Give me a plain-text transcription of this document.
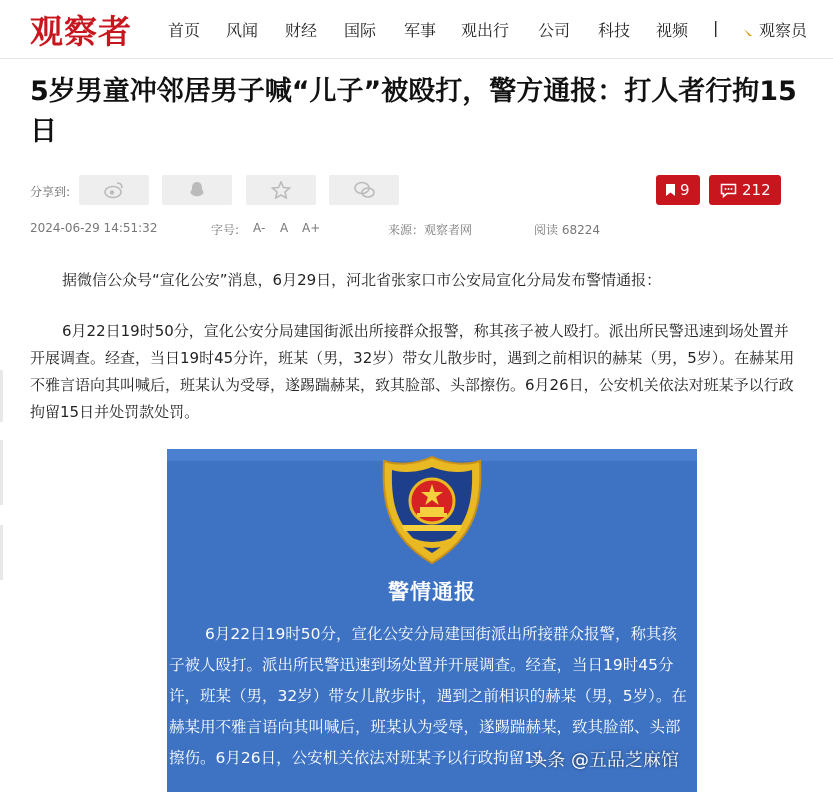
观察者 首页 风闻 财经 国际 军事 观出行 公司 科技 视频 |	观察员
5岁男童冲邻居男子喊“儿子”被殴打，警方通报：打人者行拘15日
分享到:	9	212
2024-06-29 14:51:32	字号: A- A A+	来源：观察者网	阅读 68224

据微信公众号“宣化公安”消息，6月29日，河北省张家口市公安局宣化分局发布警情通报：

6月22日19时50分，宣化公安分局建国街派出所接群众报警，称其孩子被人殴打。派出所民警迅速到场处置并开展调查。经查，当日19时45分许，班某（男，32岁）带女儿散步时，遇到之前相识的赫某（男，5岁）。在赫某用不雅言语向其叫喊后，班某认为受辱，遂踢踹赫某，致其脸部、头部擦伤。6月26日，公安机关依法对班某予以行政拘留15日并处罚款处罚。

警情通报
6月22日19时50分，宣化公安分局建国街派出所接群众报警，称其孩子被人殴打。派出所民警迅速到场处置并开展调查。经查，当日19时45分许，班某（男，32岁）带女儿散步时，遇到之前相识的赫某（男，5岁）。在赫某用不雅言语向其叫喊后，班某认为受辱，遂踢踹赫某，致其脸部、头部擦伤。6月26日，公安机关依法对班某予以行政拘留15
头条 @五品芝麻馆
